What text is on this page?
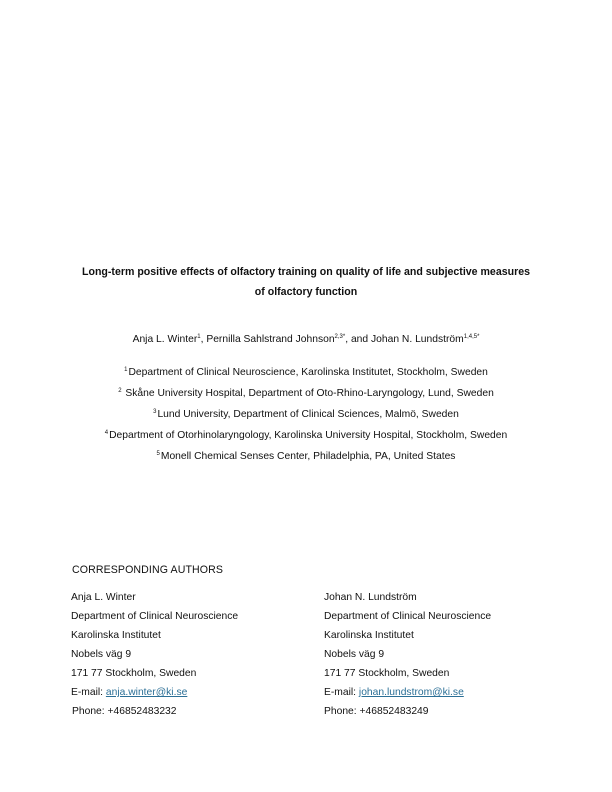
Long-term positive effects of olfactory training on quality of life and subjective measures
of olfactory function
Anja L. Winter$^1$, Pernilla Sahlstrand Johnson$^{2,3*}$, and Johan N. Lundström$^{1,4,5*}$
$^1$Department of Clinical Neuroscience, Karolinska Institutet, Stockholm, Sweden
$^2$ Skåne University Hospital, Department of Oto-Rhino-Laryngology, Lund, Sweden
$^3$Lund University, Department of Clinical Sciences, Malmö, Sweden
$^4$Department of Otorhinolaryngology, Karolinska University Hospital, Stockholm, Sweden
$^5$Monell Chemical Senses Center, Philadelphia, PA, United States
CORRESPONDING AUTHORS
Anja L. Winter
Department of Clinical Neuroscience
Karolinska Institutet
Nobels väg 9
171 77 Stockholm, Sweden
E-mail: anja.winter@ki.se
Phone: +46852483232
Johan N. Lundström
Department of Clinical Neuroscience
Karolinska Institutet
Nobels väg 9
171 77 Stockholm, Sweden
E-mail: johan.lundstrom@ki.se
Phone: +46852483249
